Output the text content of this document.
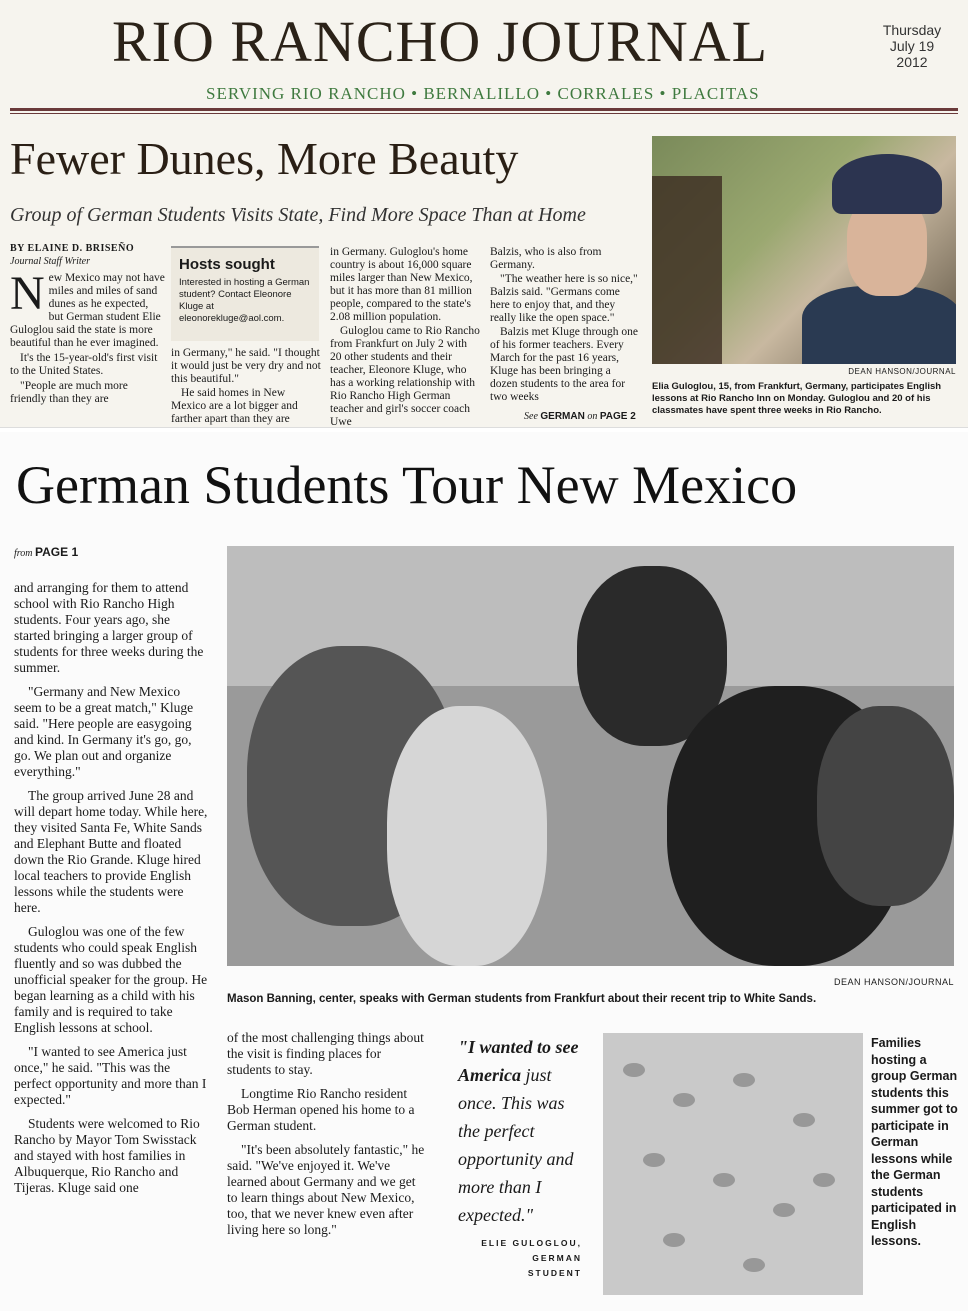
RIO RANCHO JOURNAL	Thursday
July 19
2012
SERVING RIO RANCHO • BERNALILLO • CORRALES • PLACITAS
Fewer Dunes, More Beauty
Group of German Students Visits State, Find More Space Than at Home
BY ELAINE D. BRISEÑO
Journal Staff Writer

New Mexico may not have miles and miles of sand dunes as he expected, but German student Elie Guloglou said the state is more beautiful than he ever imagined.

It's the 15-year-old's first visit to the United States.

"People are much more friendly than they are

Hosts sought
Interested in hosting a German student? Contact Eleonore Kluge at eleonorekluge@aol.com.

in Germany," he said. "I thought it would just be very dry and not this beautiful."

He said homes in New Mexico are a lot bigger and farther apart than they are

in Germany. Guloglou's home country is about 16,000 square miles larger than New Mexico, but it has more than 81 million people, compared to the state's 2.08 million population.

Guloglou came to Rio Rancho from Frankfurt on July 2 with 20 other students and their teacher, Eleonore Kluge, who has a working relationship with Rio Rancho High German teacher and girl's soccer coach Uwe

Balzis, who is also from Germany.

"The weather here is so nice," Balzis said. "Germans come here to enjoy that, and they really like the open space."

Balzis met Kluge through one of his former teachers. Every March for the past 16 years, Kluge has been bringing a dozen students to the area for two weeks

See GERMAN on PAGE 2
DEAN HANSON/JOURNAL
Elia Guloglou, 15, from Frankfurt, Germany, participates English lessons at Rio Rancho Inn on Monday. Guloglou and 20 of his classmates have spent three weeks in Rio Rancho.
German Students Tour New Mexico
from PAGE 1

and arranging for them to attend school with Rio Rancho High students. Four years ago, she started bringing a larger group of students for three weeks during the summer.

"Germany and New Mexico seem to be a great match," Kluge said. "Here people are easygoing and kind. In Germany it's go, go, go. We plan out and organize everything."

The group arrived June 28 and will depart home today. While here, they visited Santa Fe, White Sands and Elephant Butte and floated down the Rio Grande. Kluge hired local teachers to provide English lessons while the students were here.

Guloglou was one of the few students who could speak English fluently and so was dubbed the unofficial speaker for the group. He began learning as a child with his family and is required to take English lessons at school.

"I wanted to see America just once," he said. "This was the perfect opportunity and more than I expected."

Students were welcomed to Rio Rancho by Mayor Tom Swisstack and stayed with host families in Albuquerque, Rio Rancho and Tijeras. Kluge said one

DEAN HANSON/JOURNAL
Mason Banning, center, speaks with German students from Frankfurt about their recent trip to White Sands.

of the most challenging things about the visit is finding places for students to stay.

Longtime Rio Rancho resident Bob Herman opened his home to a German student.

"It's been absolutely fantastic," he said. "We've enjoyed it. We've learned about Germany and we get to learn things about New Mexico, too, that we never knew even after living here so long."

"I wanted to see America just once. This was the perfect opportunity and more than I expected."
ELIE GULOGLOU,
GERMAN
STUDENT
Families hosting a group German students this summer got to participate in German lessons while the German students participated in English lessons.
